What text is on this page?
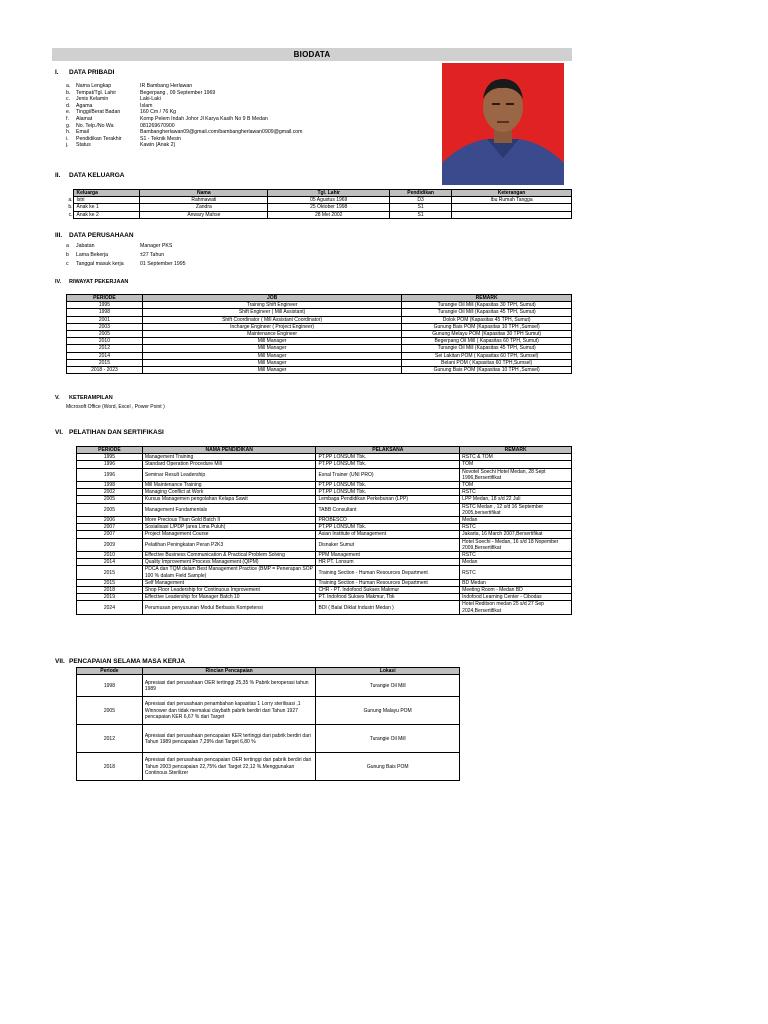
BIODATA
I. DATA PRIBADI
a.	Nama Lengkap	IR Bambang Herlawan
b.	Tempat/Tgl. Lahir	Begerpang , 09 September 1969
c.	Jenis Kelamin	Laki-Laki
d.	Agama	Islam
e.	Tinggi/Berat Badan	160 Cm / 76 Kg
f.	Alamat	Komp Pelem Indah Johor Jl Karya Kasih No 9 B Medan
g.	No. Telp./No Wa	081269670900
h.	Email	Bambangherlawan09@gmail.com/bambangherlawan0909@gmail.com
i.	Pendidikan Terakhir	S1 - Teknik Mesin
j.	Status	Kawin (Anak 2)
II. DATA KELUARGA
	Keluarga	Nama	Tgl. Lahir	Pendidikan	Keterangan
a.	Istri	Rahmawati	05 Agustus 1969	D3	Ibu Rumah Tangga
b.	Anak ke 1	Zandra	25 Oktober 1998	S1	
c.	Anak ke 2	Anwary Mahse	28 Mei 2002	S1	
III. DATA PERUSAHAAN
a	Jabatan	Manager PKS
b	Lama Bekerja	±27 Tahun
c	Tanggal masuk kerja	01 September 1995
IV. RIWAYAT PEKERJAAN
PERIODE	JOB	REMARK
1995	Training Shift Engineer	Turangie Oil Mill (Kapasitas 30 TPH, Sumut)
1998	Shift Engineer ( Mill Assistant)	Turangie Oil Mill (Kapasitas 45 TPH, Sumut)
2001	Shift Coordinator ( Mill Assistant Coordinator)	Dolok POM (Kapasitas 45 TPH, Sumut)
2003	Incharge Engineer ( Project Engineer)	Gunung Bais POM (Kapasitas 10 TPH ,Sumsel)
2005	Maintenance Engineer	Gunung Melayu POM (Kapasitas 30 TPH Sumut)
2010	Mill Manager	Begerpang Oil Mill ( Kapasitas 60 TPH, Sumut)
2012	Mill Manager	Turangie Oil Mill (Kapasitas 45 TPH, Sumut)
2014	Mill Manager	Sei Lakitan POM ( Kapasitas 60 TPH, Sumsel)
2015	Mill Manager	Belani POM ( Kapasitas 60 TPH,Sumsel)
2018 - 2023	Mill Manager	Gunung Bais POM (Kapasitas 10 TPH ,Sumsel)
V. KETERAMPILAN
Microsoft Office (Word, Excel , Power Point )
VI. PELATIHAN DAN SERTIFIKASI
PERIODE	NAMA PENDIDIKAN	PELAKSANA	REMARK
1995	Management Training	PT.PP LONSUM Tbk.	RSTC & TOM
1996	Standard Operation Procedure Mill	PT.PP LONSUM Tbk.	TOM
1996	Seminar Result Leadership	Exnal Trainer (UNI PRO)	Novotel Soechi Hotel Medan, 28 Sept 1996,Bersertifikat
1998	Mill Maintenance Training	PT.PP LONSUM Tbk.	TOM
2002	Managing Conflict at Work	PT.PP LONSUM Tbk.	RSTC
2005	Kursus Managemen pengolahan Kelapa Sawit	Lembaga Pendidikan Perkebunan (LPP)	LPP Medan, 18 s/d 22 Juli
2005	Management Fundamentals	TABB Consultant	RSTC Medan , 12 s/d 16 September 2005,bersertifikat
2006	More Precious Than Gold Batch II	PROBESCO	Medan
2007	Sosialisasi L/PDP (area Lima Puluh)	PT.PP LONSUM Tbk.	RSTC
2007	Project Management Course	Asian Institute of Management	Jakarta, 16 March 2007,Bersertifikat
2009	Pelatihan Peningkatan Peran P2K3	Disnaker Sumut	Hotel Soechi - Medan, 16 s/d 18 Nopember 2009,Bersertifikat
2010	Effective Business Communication & Practical Problem Solving	PPM Management	RSTC
2014	Quality Improvement Process Management (QIPM)	HR PT. Lonsum	Medan
2015	PDCA dan TQM dalam Best Management Practice (BMP = Penerapan SOP 100 % dalam Field Sample)	Training Section - Human Resources Department	RSTC
2015	Self Management	Training Section - Human Resources Department	BD Medan
2018	Shop Floor Leadership for Continuous Improvement	CHR - PT. Indofood Sukses Makmur	Meeting Room - Medan BD
2019	Effective Leadership for Manager Batch 10	PT. Indofood Sukses Makmur, Tbk	Indofood Learning Center - Cibodas
2024	Perumusan penyusunan Modul Berbasis Kompetensi	BDI ( Balai Diklat Industri Medan )	Hotel Reditson medan 25 s/d 27 Sep 2024,Bersertifikat
VII. PENCAPAIAN SELAMA MASA KERJA
Periode	Rincian Pencapaian	Lokasi
1998	Apresiasi dari perusahaan OER tertinggi 25,35 % Pabrik beroperasi tahun 1989	Turangie Oil Mill
2005	Apresiasi dari perusahaan penambahan kapasitas 1 Lorry sterilisasi ,1 Winnower dan tidak memakai claybath pabrik berdiri dari Tahun 1927 pencapaian KER 6,67 % dari Target	Gunung Malayu POM
2012	Apresiasi dari perusahaan pencapaian KER tertinggi dari pabrik berdiri dari Tahun 1989 pencapaian 7,29% dari Target 6,80 %	Turangie Oil Mill
2018	Apresiasi dari perusahaan pencapaian OER tertinggi dari pabrik berdiri dari Tahun 2003 pencapaian 22,75% dari Target 22,12 %.Menggunakan Continous Sterilizer	Gunung Bais POM
